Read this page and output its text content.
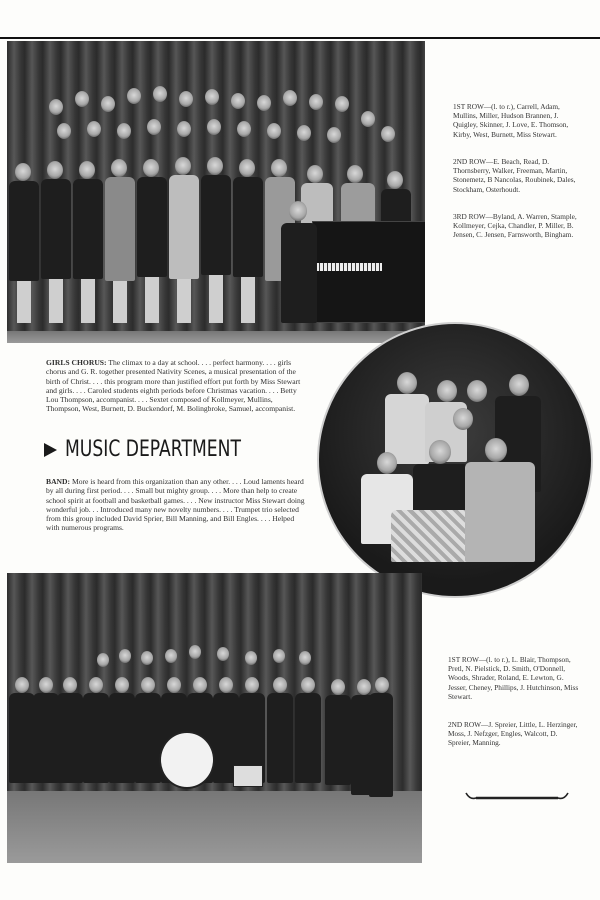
1ST ROW—(l. to r.), Carrell, Adam, Mullins, Miller, Hudson Brannen, J. Quigley, Skinner, J. Love, E. Thomson, Kirby, West, Burnett, Miss Stewart.
2ND ROW—E. Beach, Read, D. Thornsberry, Walker, Freeman, Martin, Stonemetz, B Nancolas, Roubinek, Dales, Stockham, Osterhoudt.
3RD ROW—Byland, A. Warren, Stample, Kollmeyer, Cejka, Chandler, P. Miller, B. Jensen, C. Jensen, Farnsworth, Bingham.
GIRLS CHORUS: The climax to a day at school. . . . perfect harmony. . . . girls chorus and G. R. together presented Nativity Scenes, a musical presentation of the birth of Christ. . . . this program more than justified effort put forth by Miss Stewart and girls. . . . Caroled students eighth periods before Christmas vacation. . . . Betty Lou Thompson, accompanist. . . . Sextet composed of Kollmeyer, Mullins, Thompson, West, Burnett, D. Buckendorf, M. Bolingbroke, Samuel, accompanist.
MUSIC DEPARTMENT
BAND: More is heard from this organization than any other. . . . Loud laments heard by all during first period. . . . Small but mighty group. . . . More than help to create school spirit at football and basketball games. . . . New instructor Miss Stewart doing wonderful job. . . Introduced many new novelty numbers. . . . Trumpet trio selected from this group included David Sprier, Bill Manning, and Bill Engles. . . . Helped with numerous programs.
1ST ROW—(l. to r.), L. Blair, Thompson, Pretl, N. Pielstick, D. Smith, O'Donnell, Woods, Shrader, Roland, E. Lewton, G. Jesser, Cheney, Phillips, J. Hutchinson, Miss Stewart.
2ND ROW—J. Spreier, Little, L. Herzinger, Moss, J. Nefzger, Engles, Walcott, D. Spreier, Manning.
